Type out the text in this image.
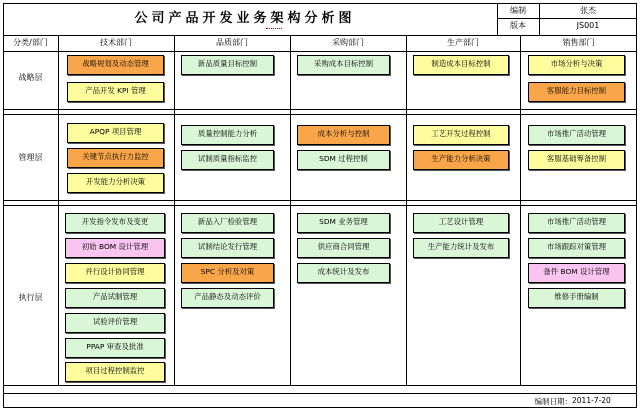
公司产品开发业务架构分析图
编制	张杰
版本	JS001
分类/部门	技术部门	品质部门	采购部门	生产部门	销售部门
战略层
管理层
执行层
战略规划及动态管理
产品开发 KPI 管理
新品质量目标控制	采购成本目标控制	制造成本目标控制	市场分析与决策
客服能力目标控制
APQP 项目管理
关键节点执行力监控
开发能力分析决策
质量控制能力分析
试制质量指标监控
成本分析与控制
SDM 过程控制
工艺开发过程控制
生产能力分析决策
市场推广活动管理
客服基础筹备控制
开发指令发布及变更
初始 BOM 设计管理
并行设计协同管理
产品试制管理
试验评价管理
PPAP 审查及批准
项目过程控制监控
新品入厂检验管理
试制结论发行管理
SPC 分析及对策
产品静态及动态评价
SDM 业务管理
供应商合同管理
成本统计及发布
工艺设计管理
生产能力统计及发布
市场推广活动管理
市场跟踪对策管理
备件 BOM 设计管理
维修手册编制
编制日期： 2011-7-20
